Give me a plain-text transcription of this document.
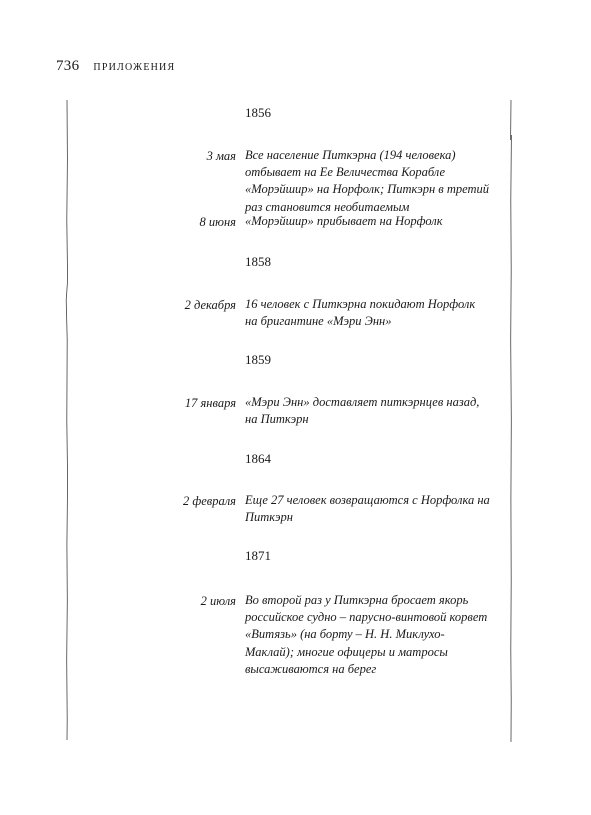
736 ПРИЛОЖЕНИЯ
1856
3 мая Все население Питкэрна (194 человека) отбывает на Ее Величества Корабле «Морэйшир» на Норфолк; Питкэрн в третий раз становится необитаемым
8 июня «Морэйшир» прибывает на Норфолк
1858
2 декабря 16 человек с Питкэрна покидают Норфолк на бригантине «Мэри Энн»
1859
17 января «Мэри Энн» доставляет питкэрнцев назад, на Питкэрн
1864
2 февраля Еще 27 человек возвращаются с Норфолка на Питкэрн
1871
2 июля Во второй раз у Питкэрна бросает якорь российское судно – парусно-винтовой корвет «Витязь» (на борту – Н. Н. Миклухо-Маклай); многие офицеры и матросы высаживаются на берег
